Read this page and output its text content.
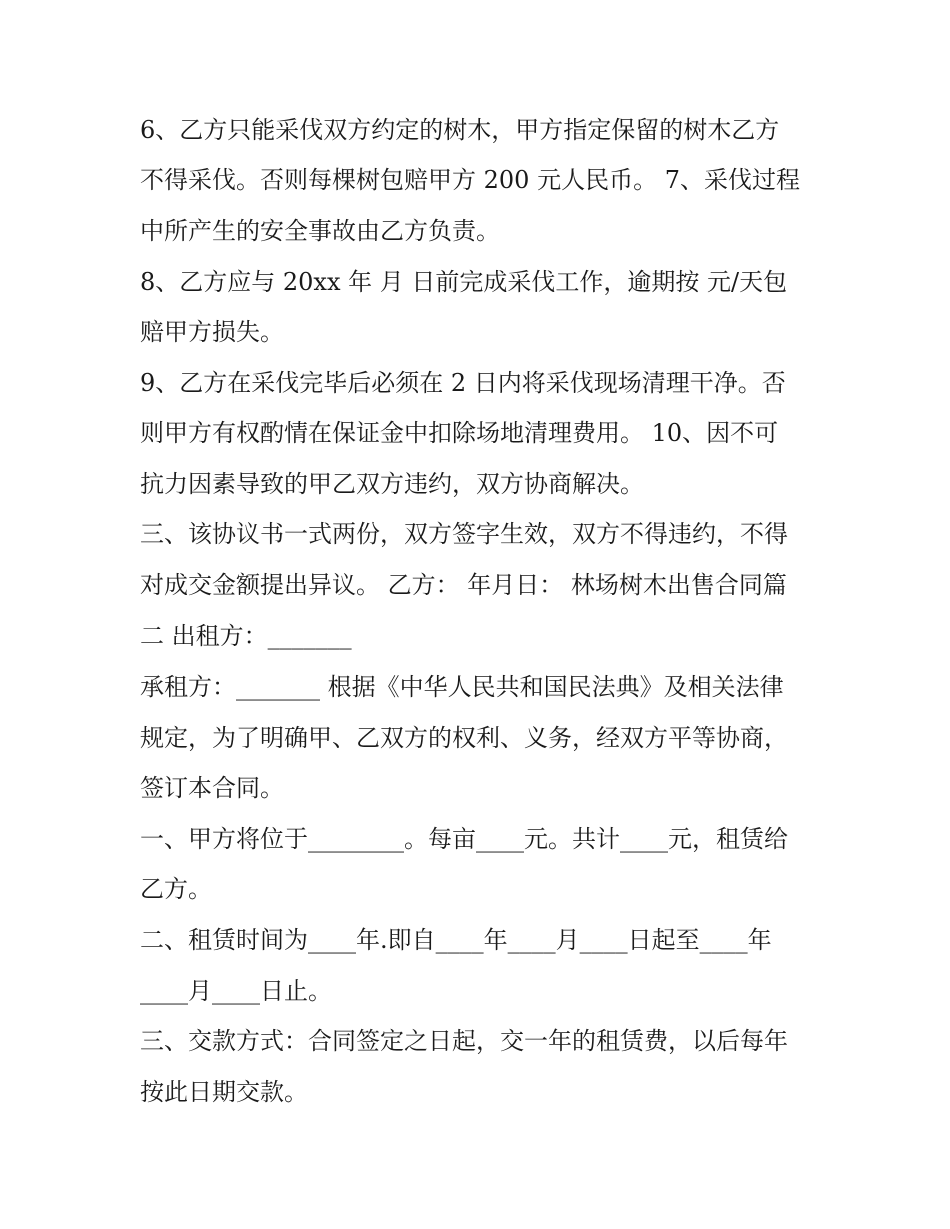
6、乙方只能采伐双方约定的树木，甲方指定保留的树木乙方
不得采伐。否则每棵树包赔甲方 200 元人民币。 7、采伐过程
中所产生的安全事故由乙方负责。
8、乙方应与 20xx 年 月 日前完成采伐工作，逾期按 元/天包
赔甲方损失。
9、乙方在采伐完毕后必须在 2 日内将采伐现场清理干净。否
则甲方有权酌情在保证金中扣除场地清理费用。 10、因不可
抗力因素导致的甲乙双方违约，双方协商解决。
三、该协议书一式两份，双方签字生效，双方不得违约，不得
对成交金额提出异议。 乙方： 年月日： 林场树木出售合同篇
二 出租方：_______
承租方：_______ 根据《中华人民共和国民法典》及相关法律
规定，为了明确甲、乙双方的权利、义务，经双方平等协商，
签订本合同。
一、甲方将位于________。每亩____元。共计____元，租赁给
乙方。
二、租赁时间为____年.即自____年____月____日起至____年
____月____日止。
三、交款方式：合同签定之日起，交一年的租赁费，以后每年
按此日期交款。
